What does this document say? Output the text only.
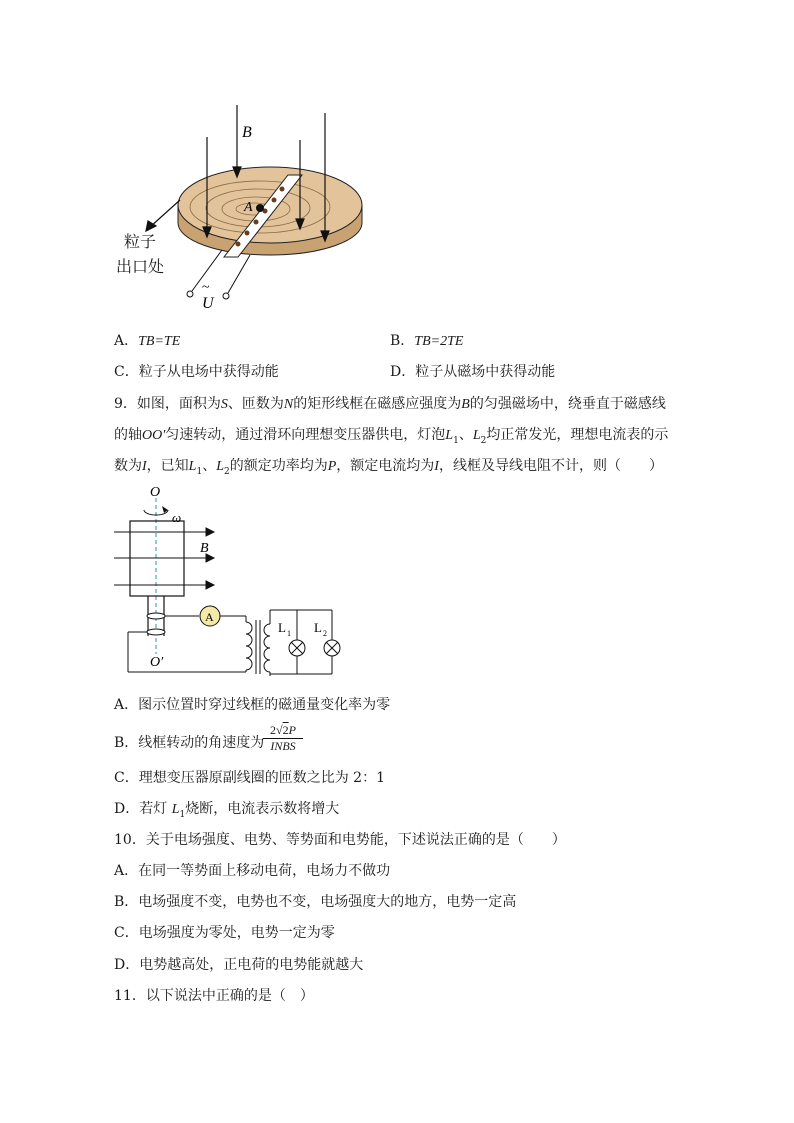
B
A
U
~
粒子
出口处
A．TB=TE	B．TB=2TE
C．粒子从电场中获得动能	D．粒子从磁场中获得动能
9．如图，面积为S、匝数为N的矩形线框在磁感应强度为B的匀强磁场中，绕垂直于磁感线
的轴OO′匀速转动，通过滑环向理想变压器供电，灯泡$L_1$、$L_2$均正常发光，理想电流表的示
数为I，已知$L_1$、$L_2$的额定功率均为P，额定电流均为I，线框及导线电阻不计，则（　　）
O
ω
B
A
O′
L 1 L 2
A．图示位置时穿过线框的磁通量变化率为零
B．线框转动的角速度为
2√2P
INBS
C．理想变压器原副线圈的匝数之比为 2：1
D．若灯 $L_1$烧断，电流表示数将增大
10．关于电场强度、电势、等势面和电势能，下述说法正确的是（　　）
A．在同一等势面上移动电荷，电场力不做功
B．电场强度不变，电势也不变，电场强度大的地方，电势一定高
C．电场强度为零处，电势一定为零
D．电势越高处，正电荷的电势能就越大
11．以下说法中正确的是（　）
